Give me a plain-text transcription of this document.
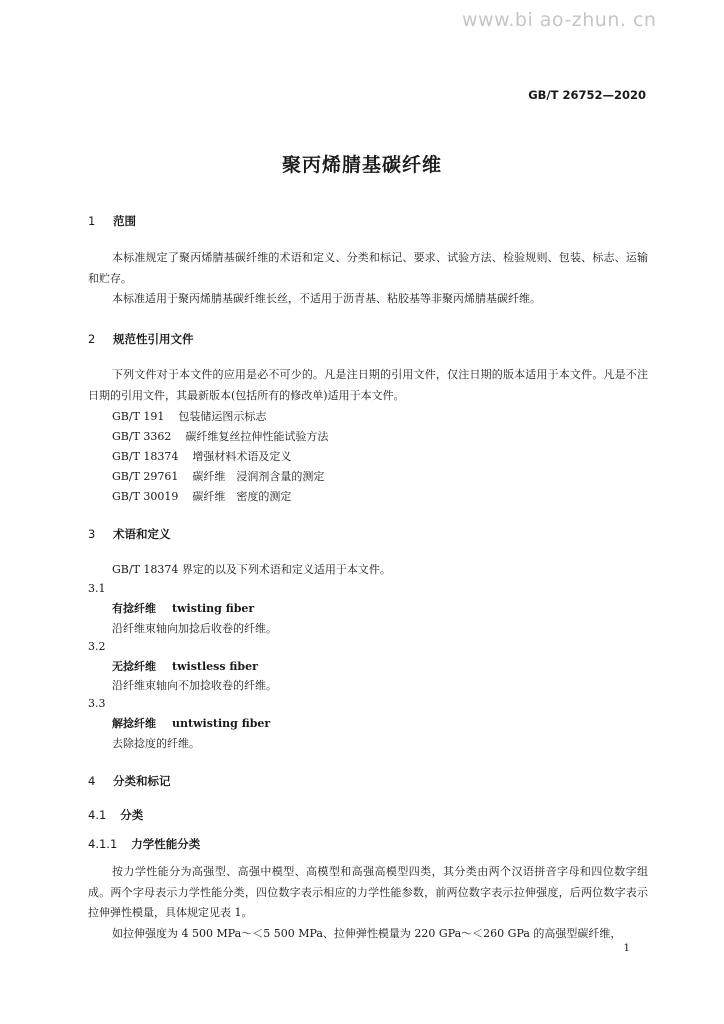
www.bi ao-zhun. cn
GB/T 26752—2020
聚丙烯腈基碳纤维
1 范围
本标准规定了聚丙烯腈基碳纤维的术语和定义、分类和标记、要求、试验方法、检验规则、包装、标志、运输和贮存。
本标准适用于聚丙烯腈基碳纤维长丝，不适用于沥青基、粘胶基等非聚丙烯腈基碳纤维。
2 规范性引用文件
下列文件对于本文件的应用是必不可少的。凡是注日期的引用文件，仅注日期的版本适用于本文件。凡是不注日期的引用文件，其最新版本(包括所有的修改单)适用于本文件。
GB/T 191 包装储运图示标志
GB/T 3362 碳纤维复丝拉伸性能试验方法
GB/T 18374 增强材料术语及定义
GB/T 29761 碳纤维　浸润剂含量的测定
GB/T 30019 碳纤维　密度的测定
3 术语和定义
GB/T 18374 界定的以及下列术语和定义适用于本文件。
3.1
有捻纤维 twisting fiber
沿纤维束轴向加捻后收卷的纤维。
3.2
无捻纤维 twistless fiber
沿纤维束轴向不加捻收卷的纤维。
3.3
解捻纤维 untwisting fiber
去除捻度的纤维。
4 分类和标记
4.1 分类
4.1.1 力学性能分类
按力学性能分为高强型、高强中模型、高模型和高强高模型四类，其分类由两个汉语拼音字母和四位数字组成。两个字母表示力学性能分类，四位数字表示相应的力学性能参数，前两位数字表示拉伸强度，后两位数字表示拉伸弹性模量，具体规定见表 1。
如拉伸强度为 4 500 MPa～＜5 500 MPa、拉伸弹性模量为 220 GPa～＜260 GPa 的高强型碳纤维，
1
